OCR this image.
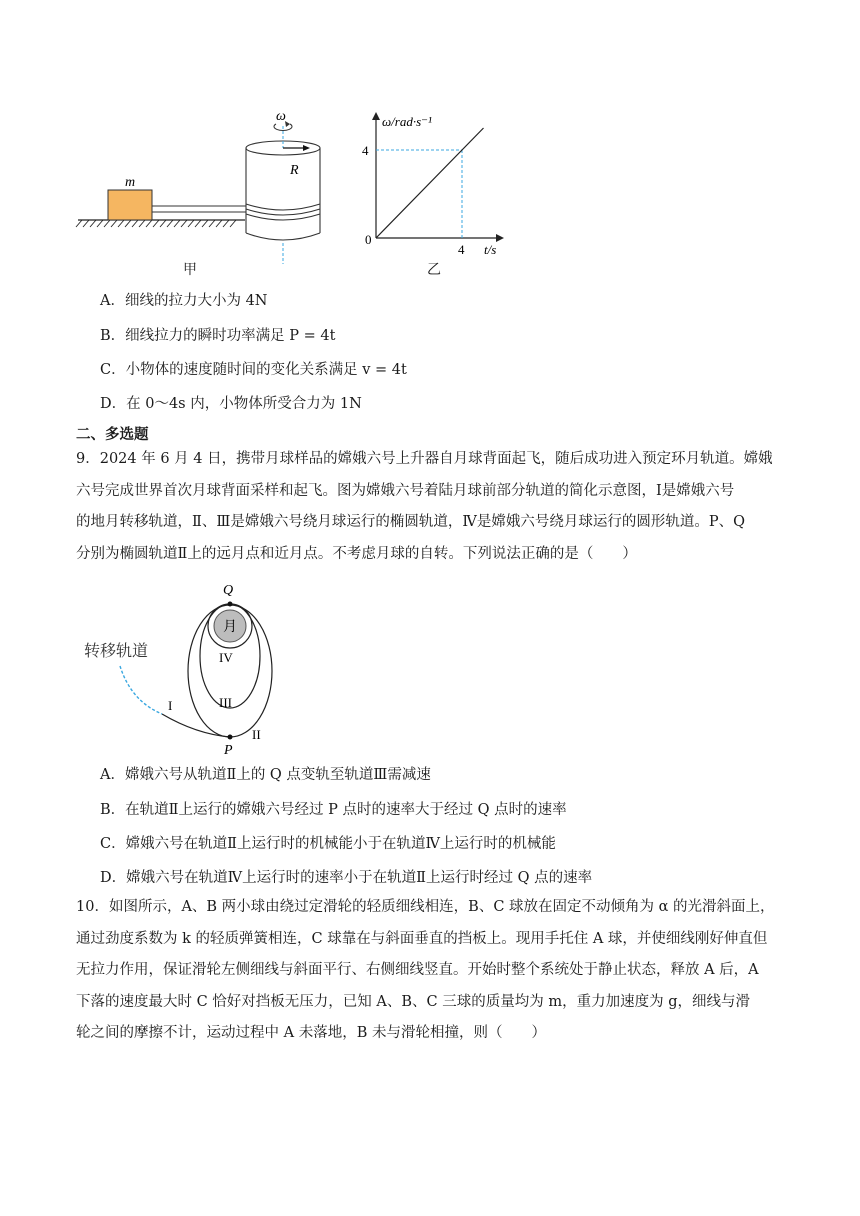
m
ω
R
ω/rad·s⁻¹
4
0
4 t/s
甲	乙
A．细线的拉力大小为 4N
B．细线拉力的瞬时功率满足 P = 4t
C．小物体的速度随时间的变化关系满足 v = 4t
D．在 0～4s 内，小物体所受合力为 1N
二、多选题
9．2024 年 6 月 4 日，携带月球样品的嫦娥六号上升器自月球背面起飞，随后成功进入预定环月轨道。嫦娥
六号完成世界首次月球背面采样和起飞。图为嫦娥六号着陆月球前部分轨道的简化示意图，Ⅰ是嫦娥六号
的地月转移轨道，Ⅱ、Ⅲ是嫦娥六号绕月球运行的椭圆轨道，Ⅳ是嫦娥六号绕月球运行的圆形轨道。P、Q
分别为椭圆轨道Ⅱ上的远月点和近月点。不考虑月球的自转。下列说法正确的是（　　）
Q
月
IV
III
I
II
P
转移轨道
A．嫦娥六号从轨道Ⅱ上的 Q 点变轨至轨道Ⅲ需减速
B．在轨道Ⅱ上运行的嫦娥六号经过 P 点时的速率大于经过 Q 点时的速率
C．嫦娥六号在轨道Ⅱ上运行时的机械能小于在轨道Ⅳ上运行时的机械能
D．嫦娥六号在轨道Ⅳ上运行时的速率小于在轨道Ⅱ上运行时经过 Q 点的速率
10．如图所示，A、B 两小球由绕过定滑轮的轻质细线相连，B、C 球放在固定不动倾角为 α 的光滑斜面上，
通过劲度系数为 k 的轻质弹簧相连，C 球靠在与斜面垂直的挡板上。现用手托住 A 球，并使细线刚好伸直但
无拉力作用，保证滑轮左侧细线与斜面平行、右侧细线竖直。开始时整个系统处于静止状态，释放 A 后，A
下落的速度最大时 C 恰好对挡板无压力，已知 A、B、C 三球的质量均为 m，重力加速度为 g，细线与滑
轮之间的摩擦不计，运动过程中 A 未落地，B 未与滑轮相撞，则（　　）
